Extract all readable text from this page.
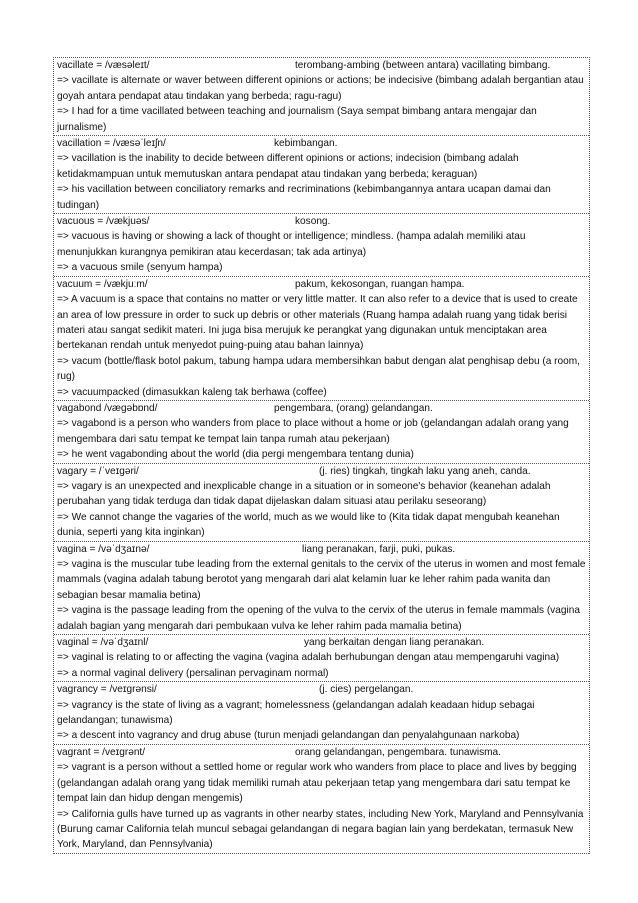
vacillate = /væsəleɪt/	terombang-ambing (between antara) vacillating bimbang.
=> vacillate is alternate or waver between different opinions or actions; be indecisive (bimbang adalah bergantian atau goyah antara pendapat atau tindakan yang berbeda; ragu-ragu)
=> I had for a time vacillated between teaching and journalism (Saya sempat bimbang antara mengajar dan jurnalisme)
vacillation = /væsəˈleɪʃn/	kebimbangan.
=> vacillation is the inability to decide between different opinions or actions; indecision (bimbang adalah ketidakmampuan untuk memutuskan antara pendapat atau tindakan yang berbeda; keraguan)
=> his vacillation between conciliatory remarks and recriminations (kebimbangannya antara ucapan damai dan tudingan)
vacuous = /vækjuəs/	kosong.
=> vacuous is having or showing a lack of thought or intelligence; mindless. (hampa adalah memiliki atau menunjukkan kurangnya pemikiran atau kecerdasan; tak ada artinya)
=> a vacuous smile (senyum hampa)
vacuum = /vækjuːm/	pakum, kekosongan, ruangan hampa.
=> A vacuum is a space that contains no matter or very little matter. It can also refer to a device that is used to create an area of low pressure in order to suck up debris or other materials (Ruang hampa adalah ruang yang tidak berisi materi atau sangat sedikit materi. Ini juga bisa merujuk ke perangkat yang digunakan untuk menciptakan area bertekanan rendah untuk menyedot puing-puing atau bahan lainnya)
=> vacum (bottle/flask botol pakum, tabung hampa udara membersihkan babut dengan alat penghisap debu (a room, rug)
=> vacuumpacked (dimasukkan kaleng tak berhawa (coffee)
vagabond /væɡəbɒnd/	pengembara, (orang) gelandangan.
=> vagabond is a person who wanders from place to place without a home or job (gelandangan adalah orang yang mengembara dari satu tempat ke tempat lain tanpa rumah atau pekerjaan)
=> he went vagabonding about the world (dia pergi mengembara tentang dunia)
vagary = /ˈveɪɡəri/	(j. ries) tingkah, tingkah laku yang aneh, canda.
=> vagary is an unexpected and inexplicable change in a situation or in someone's behavior (keanehan adalah perubahan yang tidak terduga dan tidak dapat dijelaskan dalam situasi atau perilaku seseorang)
=> We cannot change the vagaries of the world, much as we would like to (Kita tidak dapat mengubah keanehan dunia, seperti yang kita inginkan)
vagina = /vəˈdʒaɪnə/	liang peranakan, farji, puki, pukas.
=> vagina is the muscular tube leading from the external genitals to the cervix of the uterus in women and most female mammals (vagina adalah tabung berotot yang mengarah dari alat kelamin luar ke leher rahim pada wanita dan sebagian besar mamalia betina)
=> vagina is the passage leading from the opening of the vulva to the cervix of the uterus in female mammals (vagina adalah bagian yang mengarah dari pembukaan vulva ke leher rahim pada mamalia betina)
vaginal = /vəˈdʒaɪnl/	yang berkaitan dengan liang peranakan.
=> vaginal is relating to or affecting the vagina (vagina adalah berhubungan dengan atau mempengaruhi vagina)
=> a normal vaginal delivery (persalinan pervaginam normal)
vagrancy = /veɪɡrənsi/	(j. cies) pergelangan.
=> vagrancy is the state of living as a vagrant; homelessness (gelandangan adalah keadaan hidup sebagai gelandangan; tunawisma)
=> a descent into vagrancy and drug abuse (turun menjadi gelandangan dan penyalahgunaan narkoba)
vagrant = /veɪɡrənt/	orang gelandangan, pengembara. tunawisma.
=> vagrant is a person without a settled home or regular work who wanders from place to place and lives by begging (gelandangan adalah orang yang tidak memiliki rumah atau pekerjaan tetap yang mengembara dari satu tempat ke tempat lain dan hidup dengan mengemis)
=> California gulls have turned up as vagrants in other nearby states, including New York, Maryland and Pennsylvania (Burung camar California telah muncul sebagai gelandangan di negara bagian lain yang berdekatan, termasuk New York, Maryland, dan Pennsylvania)
